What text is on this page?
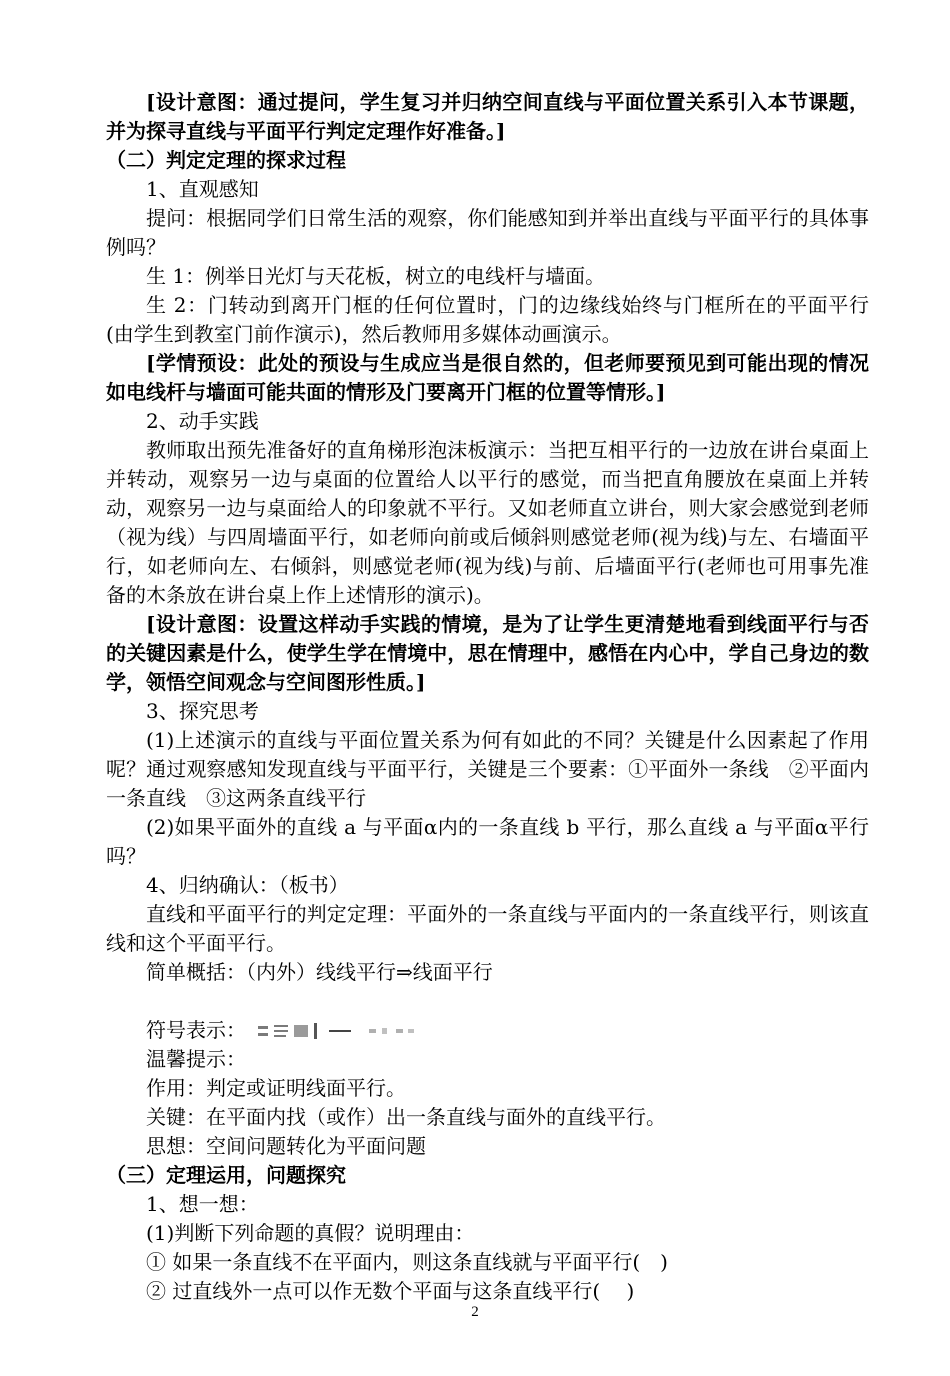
[设计意图：通过提问，学生复习并归纳空间直线与平面位置关系引入本节课题，并为探寻直线与平面平行判定定理作好准备。]

（二）判定定理的探求过程

1、直观感知

提问：根据同学们日常生活的观察，你们能感知到并举出直线与平面平行的具体事例吗？

生 1：例举日光灯与天花板，树立的电线杆与墙面。

生 2：门转动到离开门框的任何位置时，门的边缘线始终与门框所在的平面平行(由学生到教室门前作演示)，然后教师用多媒体动画演示。

[学情预设：此处的预设与生成应当是很自然的，但老师要预见到可能出现的情况如电线杆与墙面可能共面的情形及门要离开门框的位置等情形。]

2、动手实践

教师取出预先准备好的直角梯形泡沫板演示：当把互相平行的一边放在讲台桌面上并转动，观察另一边与桌面的位置给人以平行的感觉，而当把直角腰放在桌面上并转动，观察另一边与桌面给人的印象就不平行。又如老师直立讲台，则大家会感觉到老师（视为线）与四周墙面平行，如老师向前或后倾斜则感觉老师(视为线)与左、右墙面平行，如老师向左、右倾斜，则感觉老师(视为线)与前、后墙面平行(老师也可用事先准备的木条放在讲台桌上作上述情形的演示)。

[设计意图：设置这样动手实践的情境，是为了让学生更清楚地看到线面平行与否的关键因素是什么，使学生学在情境中，思在情理中，感悟在内心中，学自己身边的数学，领悟空间观念与空间图形性质。]

3、探究思考

(1)上述演示的直线与平面位置关系为何有如此的不同？关键是什么因素起了作用呢？通过观察感知发现直线与平面平行，关键是三个要素：①平面外一条线　②平面内一条直线　③这两条直线平行

(2)如果平面外的直线 a 与平面α内的一条直线 b 平行，那么直线 a 与平面α平行吗？

4、归纳确认：（板书）

直线和平面平行的判定定理：平面外的一条直线与平面内的一条直线平行，则该直线和这个平面平行。

简单概括：（内外）线线平行⇒线面平行

符号表示：

温馨提示：

作用：判定或证明线面平行。

关键：在平面内找（或作）出一条直线与面外的直线平行。

思想：空间问题转化为平面问题

（三）定理运用，问题探究

1、想一想：

(1)判断下列命题的真假？说明理由：

① 如果一条直线不在平面内，则这条直线就与平面平行(　)

② 过直线外一点可以作无数个平面与这条直线平行(　 )

2
